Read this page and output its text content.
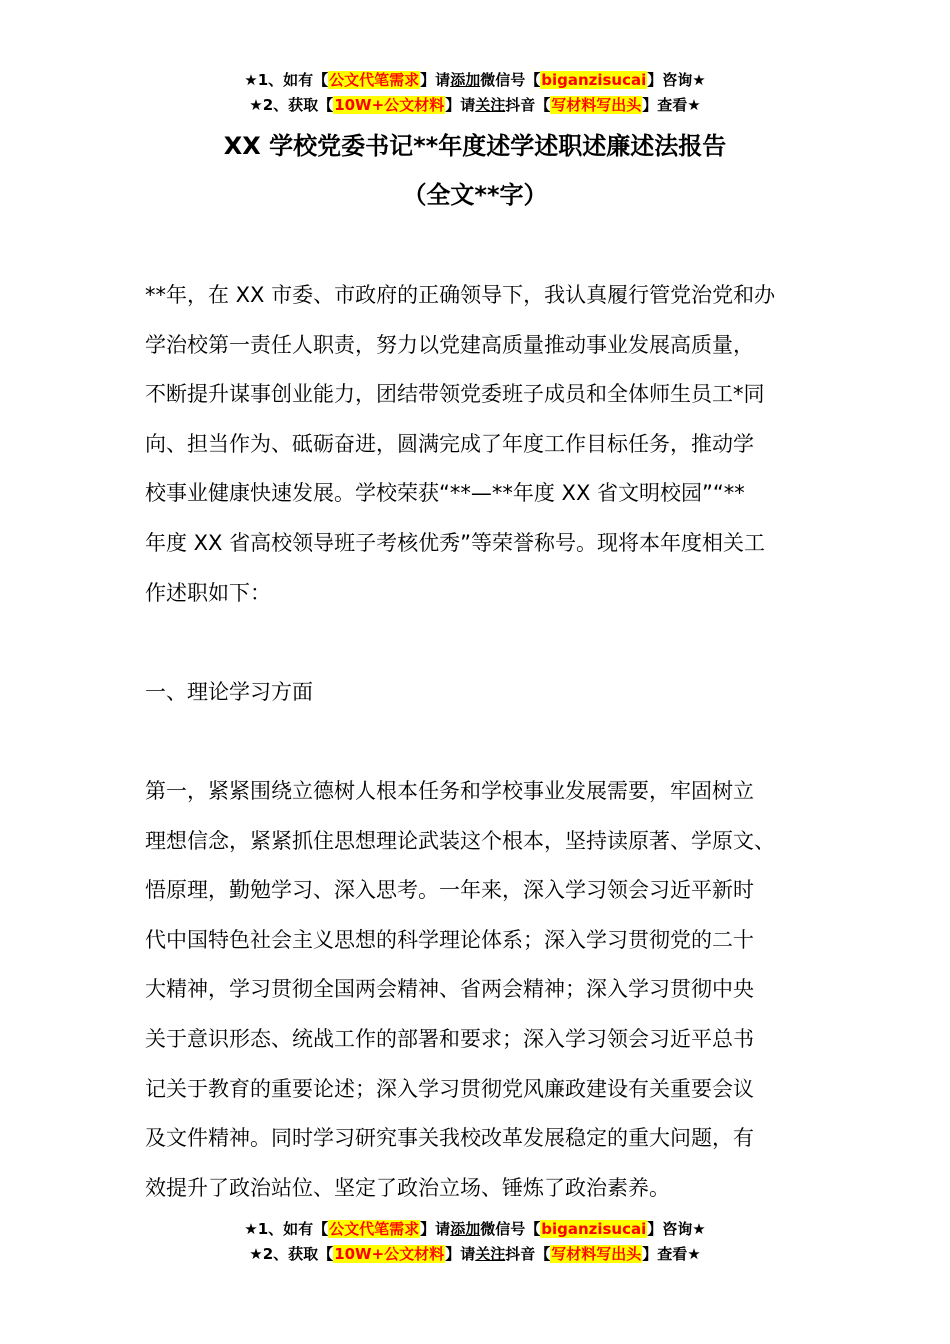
★1、如有【公文代笔需求】请添加微信号【biganzisucai】咨询★
★2、获取【10W+公文材料】请关注抖音【写材料写出头】查看★
XX 学校党委书记**年度述学述职述廉述法报告
（全文**字）
**年，在 XX 市委、市政府的正确领导下，我认真履行管党治党和办
学治校第一责任人职责，努力以党建高质量推动事业发展高质量，
不断提升谋事创业能力，团结带领党委班子成员和全体师生员工*同
向、担当作为、砥砺奋进，圆满完成了年度工作目标任务，推动学
校事业健康快速发展。学校荣获“**—**年度 XX 省文明校园”“**
年度 XX 省高校领导班子考核优秀”等荣誉称号。现将本年度相关工
作述职如下：
一、理论学习方面
第一，紧紧围绕立德树人根本任务和学校事业发展需要，牢固树立
理想信念，紧紧抓住思想理论武装这个根本，坚持读原著、学原文、
悟原理，勤勉学习、深入思考。一年来，深入学习领会习近平新时
代中国特色社会主义思想的科学理论体系；深入学习贯彻党的二十
大精神，学习贯彻全国两会精神、省两会精神；深入学习贯彻中央
关于意识形态、统战工作的部署和要求；深入学习领会习近平总书
记关于教育的重要论述；深入学习贯彻党风廉政建设有关重要会议
及文件精神。同时学习研究事关我校改革发展稳定的重大问题，有
效提升了政治站位、坚定了政治立场、锤炼了政治素养。
★1、如有【公文代笔需求】请添加微信号【biganzisucai】咨询★
★2、获取【10W+公文材料】请关注抖音【写材料写出头】查看★
